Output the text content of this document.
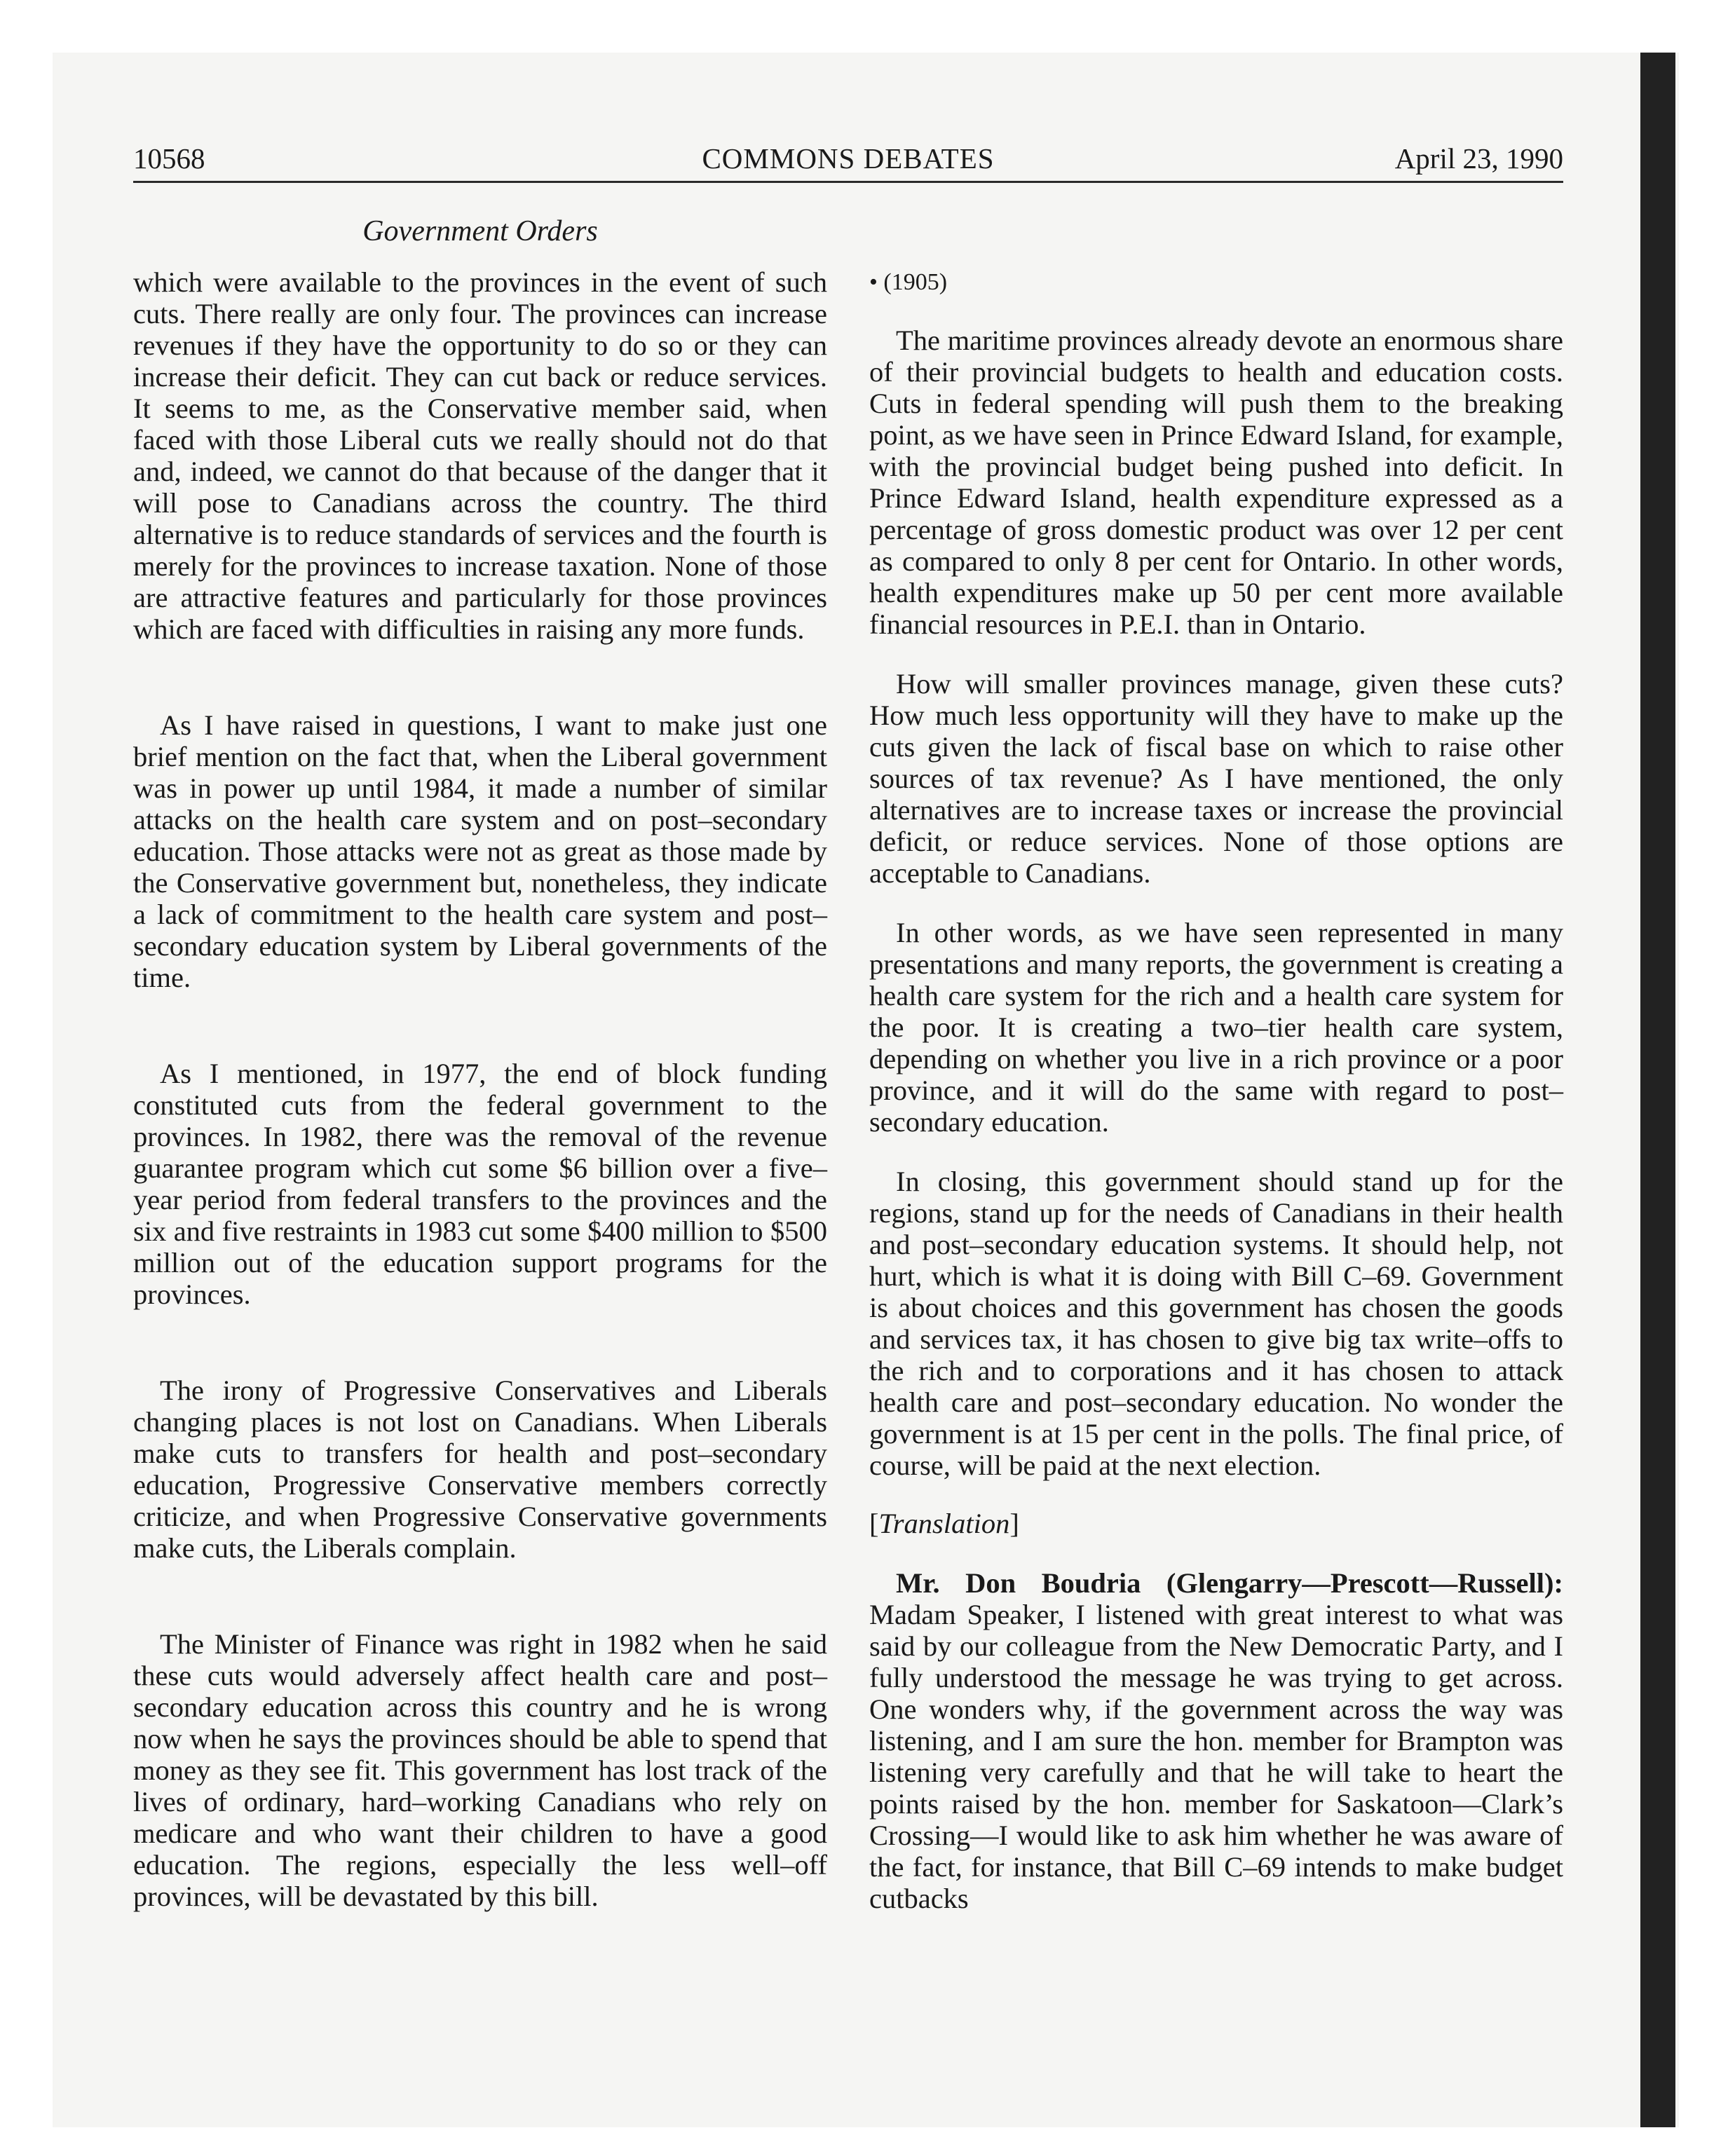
10568	COMMONS DEBATES	April 23, 1990
Government Orders

which were available to the provinces in the event of such cuts. There really are only four. The provinces can increase revenues if they have the opportunity to do so or they can increase their deficit. They can cut back or reduce services. It seems to me, as the Conservative member said, when faced with those Liberal cuts we really should not do that and, indeed, we cannot do that because of the danger that it will pose to Canadians across the country. The third alternative is to reduce standards of services and the fourth is merely for the provinces to increase taxation. None of those are attractive features and particularly for those provinces which are faced with difficulties in raising any more funds.

As I have raised in questions, I want to make just one brief mention on the fact that, when the Liberal government was in power up until 1984, it made a number of similar attacks on the health care system and on post–secondary education. Those attacks were not as great as those made by the Conservative government but, nonetheless, they indicate a lack of commitment to the health care system and post–secondary education system by Liberal governments of the time.

As I mentioned, in 1977, the end of block funding constituted cuts from the federal government to the provinces. In 1982, there was the removal of the revenue guarantee program which cut some $6 billion over a five–year period from federal transfers to the provinces and the six and five restraints in 1983 cut some $400 million to $500 million out of the education support programs for the provinces.

The irony of Progressive Conservatives and Liberals changing places is not lost on Canadians. When Liberals make cuts to transfers for health and post–secondary education, Progressive Conservative members correctly criticize, and when Progressive Conservative governments make cuts, the Liberals complain.

The Minister of Finance was right in 1982 when he said these cuts would adversely affect health care and post–secondary education across this country and he is wrong now when he says the provinces should be able to spend that money as they see fit. This government has lost track of the lives of ordinary, hard–working Canadians who rely on medicare and who want their children to have a good education. The regions, especially the less well–off provinces, will be devastated by this bill.

• (1905)

The maritime provinces already devote an enormous share of their provincial budgets to health and education costs. Cuts in federal spending will push them to the breaking point, as we have seen in Prince Edward Island, for example, with the provincial budget being pushed into deficit. In Prince Edward Island, health expenditure expressed as a percentage of gross domestic product was over 12 per cent as compared to only 8 per cent for Ontario. In other words, health expenditures make up 50 per cent more available financial resources in P.E.I. than in Ontario.

How will smaller provinces manage, given these cuts? How much less opportunity will they have to make up the cuts given the lack of fiscal base on which to raise other sources of tax revenue? As I have mentioned, the only alternatives are to increase taxes or increase the provincial deficit, or reduce services. None of those options are acceptable to Canadians.

In other words, as we have seen represented in many presentations and many reports, the government is creating a health care system for the rich and a health care system for the poor. It is creating a two–tier health care system, depending on whether you live in a rich province or a poor province, and it will do the same with regard to post–secondary education.

In closing, this government should stand up for the regions, stand up for the needs of Canadians in their health and post–secondary education systems. It should help, not hurt, which is what it is doing with Bill C–69. Government is about choices and this government has chosen the goods and services tax, it has chosen to give big tax write–offs to the rich and to corporations and it has chosen to attack health care and post–secondary education. No wonder the government is at 15 per cent in the polls. The final price, of course, will be paid at the next election.

[Translation]

Mr. Don Boudria (Glengarry—Prescott—Russell): Madam Speaker, I listened with great interest to what was said by our colleague from the New Democratic Party, and I fully understood the message he was trying to get across. One wonders why, if the government across the way was listening, and I am sure the hon. member for Brampton was listening very carefully and that he will take to heart the points raised by the hon. member for Saskatoon—Clark’s Crossing—I would like to ask him whether he was aware of the fact, for instance, that Bill C–69 intends to make budget cutbacks
